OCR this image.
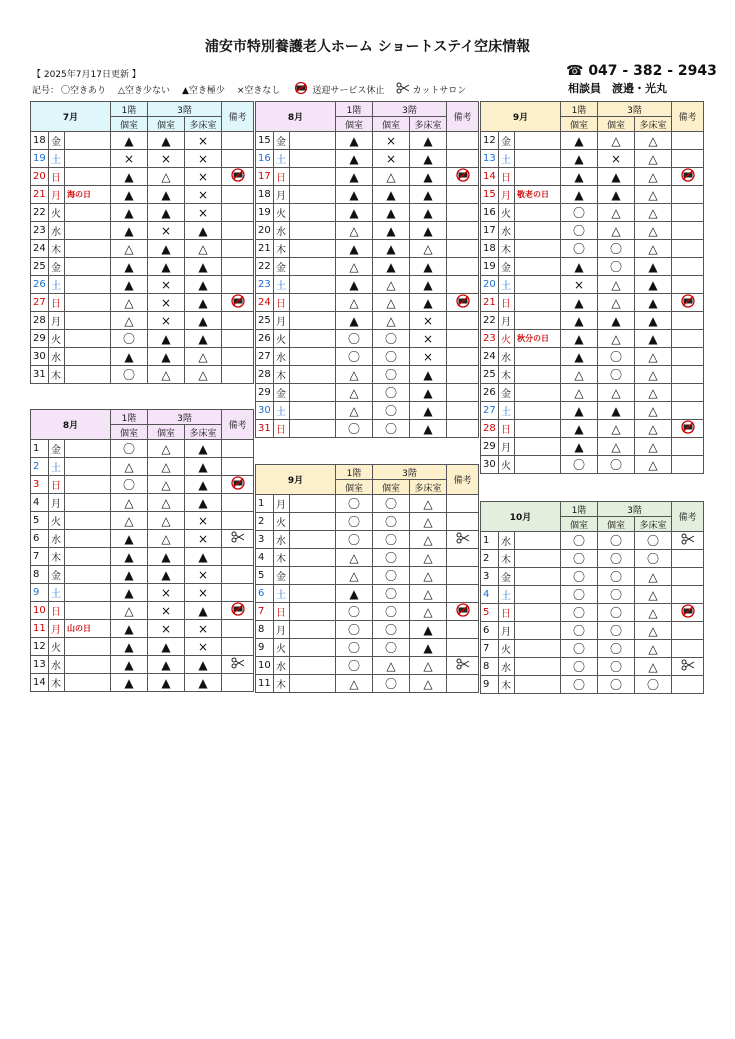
浦安市特別養護老人ホーム ショートステイ空床情報
【 2025年7月17日更新 】
記号： 〇空きあり △空き少ない ▲空き極少 ×空きなし	送迎サービス休止	カットサロン
☎ 047 - 382 - 2943
相談員　渡邉・光丸
7月			1階	3階		備考
			個室	個室	多床室	
18	金		▲	▲	×	
19	土		×	×	×	
20	日		▲	△	×	
21	月	海の日	▲	▲	×	
22	火		▲	▲	×	
23	水		▲	×	▲	
24	木		△	▲	△	
25	金		▲	▲	▲	
26	土		▲	×	▲	
27	日		△	×	▲	
28	月		△	×	▲	
29	火		〇	▲	▲	
30	水		▲	▲	△	
31	木		〇	△	△	
8月			1階	3階		備考
			個室	個室	多床室	
1	金		〇	△	▲	
2	土		△	△	▲	
3	日		〇	△	▲	
4	月		△	△	▲	
5	火		△	△	×	
6	水		▲	△	×	
7	木		▲	▲	▲	
8	金		▲	▲	×	
9	土		▲	×	×	
10	日		△	×	▲	
11	月	山の日	▲	×	×	
12	火		▲	▲	×	
13	水		▲	▲	▲	
14	木		▲	▲	▲	
8月			1階	3階		備考
			個室	個室	多床室	
15	金		▲	×	▲	
16	土		▲	×	▲	
17	日		▲	△	▲	
18	月		▲	▲	▲	
19	火		▲	▲	▲	
20	水		△	▲	▲	
21	木		▲	▲	△	
22	金		△	▲	▲	
23	土		▲	△	▲	
24	日		△	△	▲	
25	月		▲	△	×	
26	火		〇	〇	×	
27	水		〇	〇	×	
28	木		△	〇	▲	
29	金		△	〇	▲	
30	土		△	〇	▲	
31	日		〇	〇	▲	
9月			1階	3階		備考
			個室	個室	多床室	
1	月		〇	〇	△	
2	火		〇	〇	△	
3	水		〇	〇	△	
4	木		△	〇	△	
5	金		△	〇	△	
6	土		▲	〇	△	
7	日		〇	〇	△	
8	月		〇	〇	▲	
9	火		〇	〇	▲	
10	水		〇	△	△	
11	木		△	〇	△	
9月			1階	3階		備考
			個室	個室	多床室	
12	金		▲	△	△	
13	土		▲	×	△	
14	日		▲	▲	△	
15	月	敬老の日	▲	▲	△	
16	火		〇	△	△	
17	水		〇	△	△	
18	木		〇	〇	△	
19	金		▲	〇	▲	
20	土		×	△	▲	
21	日		▲	△	▲	
22	月		▲	▲	▲	
23	火	秋分の日	▲	△	▲	
24	水		▲	〇	△	
25	木		△	〇	△	
26	金		△	△	△	
27	土		▲	▲	△	
28	日		▲	△	△	
29	月		▲	△	△	
30	火		〇	〇	△	
10月			1階	3階		備考
			個室	個室	多床室	
1	水		〇	〇	〇	
2	木		〇	〇	〇	
3	金		〇	〇	△	
4	土		〇	〇	△	
5	日		〇	〇	△	
6	月		〇	〇	△	
7	火		〇	〇	△	
8	水		〇	〇	△	
9	木		〇	〇	〇	
